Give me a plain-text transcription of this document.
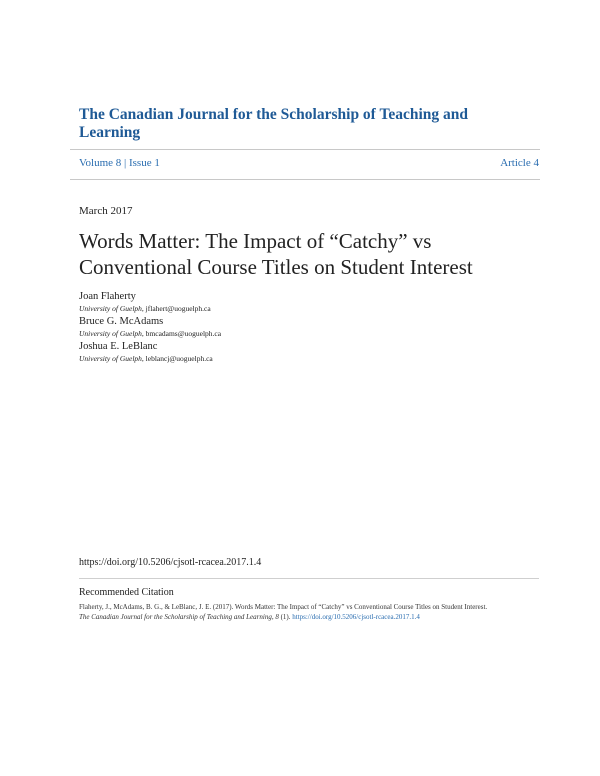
The Canadian Journal for the Scholarship of Teaching and Learning
Volume 8 | Issue 1	Article 4
March 2017
Words Matter: The Impact of “Catchy” vs Conventional Course Titles on Student Interest
Joan Flaherty
University of Guelph, jflahert@uoguelph.ca
Bruce G. McAdams
University of Guelph, bmcadams@uoguelph.ca
Joshua E. LeBlanc
University of Guelph, leblancj@uoguelph.ca
https://doi.org/10.5206/cjsotl-rcacea.2017.1.4
Recommended Citation
Flaherty, J., McAdams, B. G., & LeBlanc, J. E. (2017). Words Matter: The Impact of “Catchy” vs Conventional Course Titles on Student Interest. The Canadian Journal for the Scholarship of Teaching and Learning, 8 (1). https://doi.org/10.5206/cjsotl-rcacea.2017.1.4
